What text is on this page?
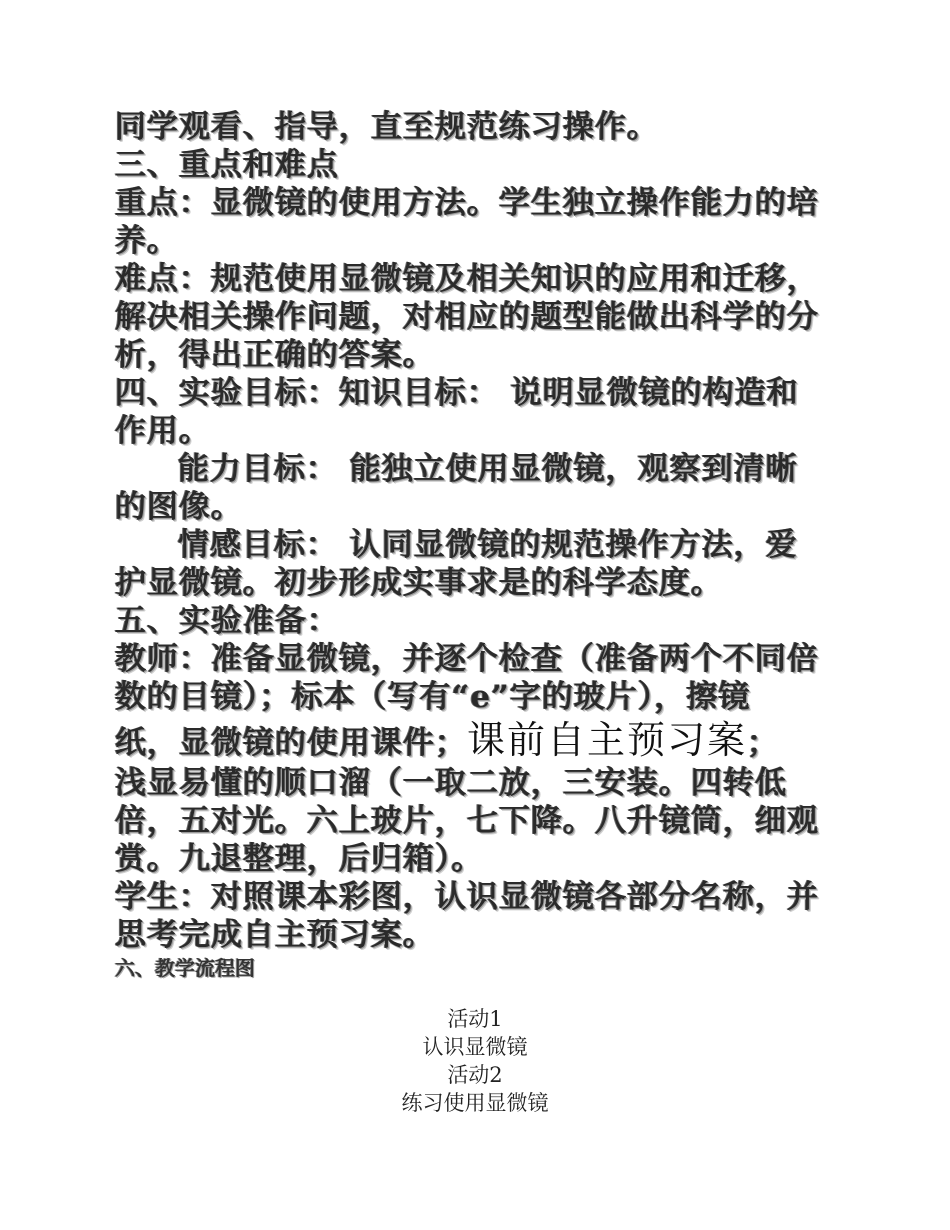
同学观看、指导，直至规范练习操作。
三、重点和难点
重点：显微镜的使用方法。学生独立操作能力的培
养。
难点：规范使用显微镜及相关知识的应用和迁移，
解决相关操作问题，对相应的题型能做出科学的分
析，得出正确的答案。
四、实验目标：知识目标： 说明显微镜的构造和
作用。
能力目标： 能独立使用显微镜，观察到清晰
的图像。
情感目标： 认同显微镜的规范操作方法，爱
护显微镜。初步形成实事求是的科学态度。
五、实验准备：
教师：准备显微镜，并逐个检查（准备两个不同倍
数的目镜）；标本（写有“e”字的玻片），擦镜
纸，显微镜的使用课件；课前自主预习案；
浅显易懂的顺口溜（一取二放，三安装。四转低
倍，五对光。六上玻片，七下降。八升镜筒，细观
赏。九退整理，后归箱）。
学生：对照课本彩图，认识显微镜各部分名称，并
思考完成自主预习案。
六、教学流程图
活动1
认识显微镜
活动2
练习使用显微镜
